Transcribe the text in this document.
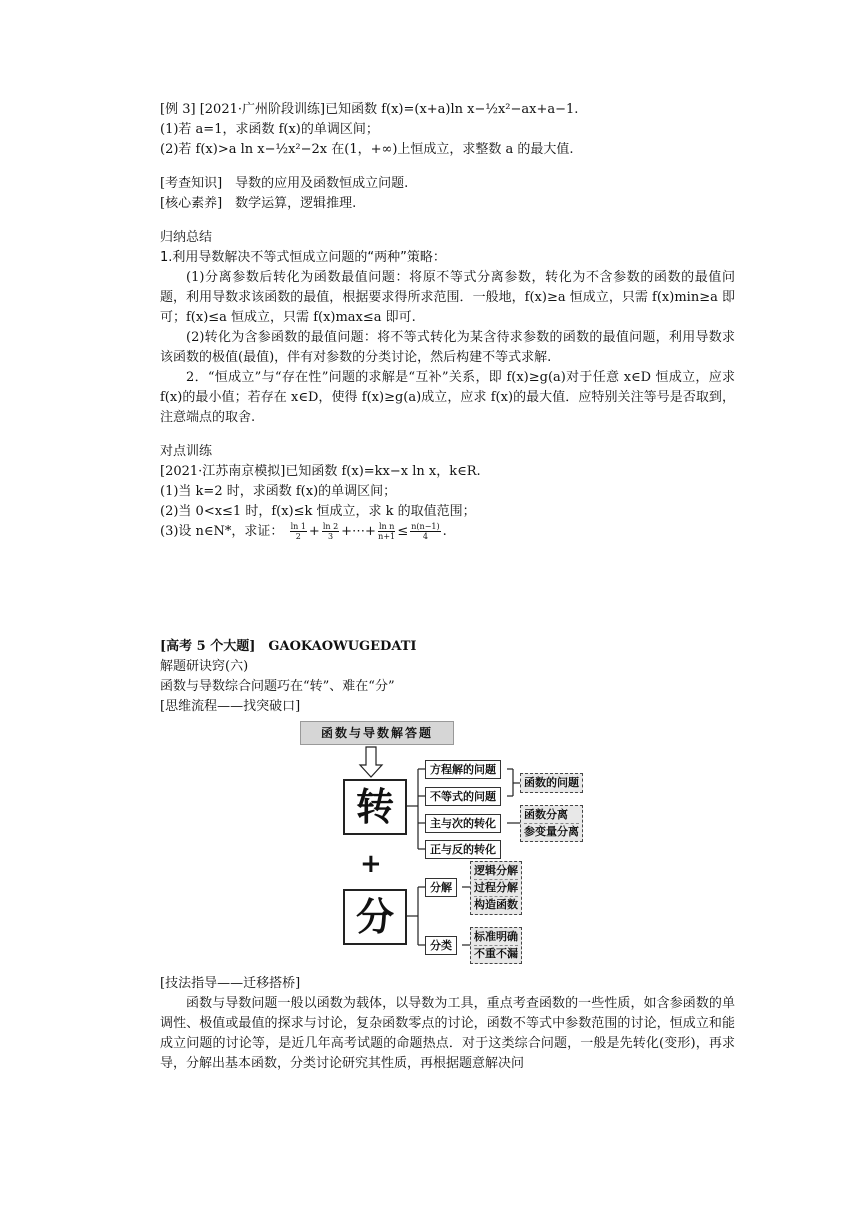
[例 3] [2021·广州阶段训练]已知函数 f(x)=(x+a)ln x−½x²−ax+a−1.
(1)若 a=1，求函数 f(x)的单调区间；
(2)若 f(x)>a ln x−½x²−2x 在(1，+∞)上恒成立，求整数 a 的最大值.
[考查知识]　导数的应用及函数恒成立问题.
[核心素养]　数学运算，逻辑推理.
归纳总结
1.利用导数解决不等式恒成立问题的“两种”策略：
(1)分离参数后转化为函数最值问题：将原不等式分离参数，转化为不含参数的函数的最值问题，利用导数求该函数的最值，根据要求得所求范围．一般地，f(x)≥a 恒成立，只需 f(x)min≥a 即可；f(x)≤a 恒成立，只需 f(x)max≤a 即可.
(2)转化为含参函数的最值问题：将不等式转化为某含待求参数的函数的最值问题，利用导数求该函数的极值(最值)，伴有对参数的分类讨论，然后构建不等式求解.
2．“恒成立”与“存在性”问题的求解是“互补”关系，即 f(x)≥g(a)对于任意 x∈D 恒成立，应求 f(x)的最小值；若存在 x∈D，使得 f(x)≥g(a)成立，应求 f(x)的最大值．应特别关注等号是否取到，注意端点的取舍.
对点训练
[2021·江苏南京模拟]已知函数 f(x)=kx−x ln x，k∈R.
(1)当 k=2 时，求函数 f(x)的单调区间；
(2)当 0<x≤1 时，f(x)≤k 恒成立，求 k 的取值范围；
(3)设 n∈N*，求证： $\frac{\ln 1}{2} + \frac{\ln 2}{3}$ +⋯+ $\frac{\text{ln n}}{n+1} \le \frac{n(n-1)}{4}$ .
[高考 5 个大题]　GAOKAOWUGEDATI
解题研诀窍(六)
函数与导数综合问题巧在“转”、难在“分”
[思维流程——找突破口]
函数与导数解答题
转
+
分
方程解的问题
不等式的问题
主与次的转化
正与反的转化
函数的问题
函数分离
参变量分离
分解
分类
逻辑分解
过程分解
构造函数
标准明确
不重不漏
[技法指导——迁移搭桥]
函数与导数问题一般以函数为载体，以导数为工具，重点考查函数的一些性质，如含参函数的单调性、极值或最值的探求与讨论，复杂函数零点的讨论，函数不等式中参数范围的讨论，恒成立和能成立问题的讨论等，是近几年高考试题的命题热点．对于这类综合问题，一般是先转化(变形)，再求导，分解出基本函数，分类讨论研究其性质，再根据题意解决问
